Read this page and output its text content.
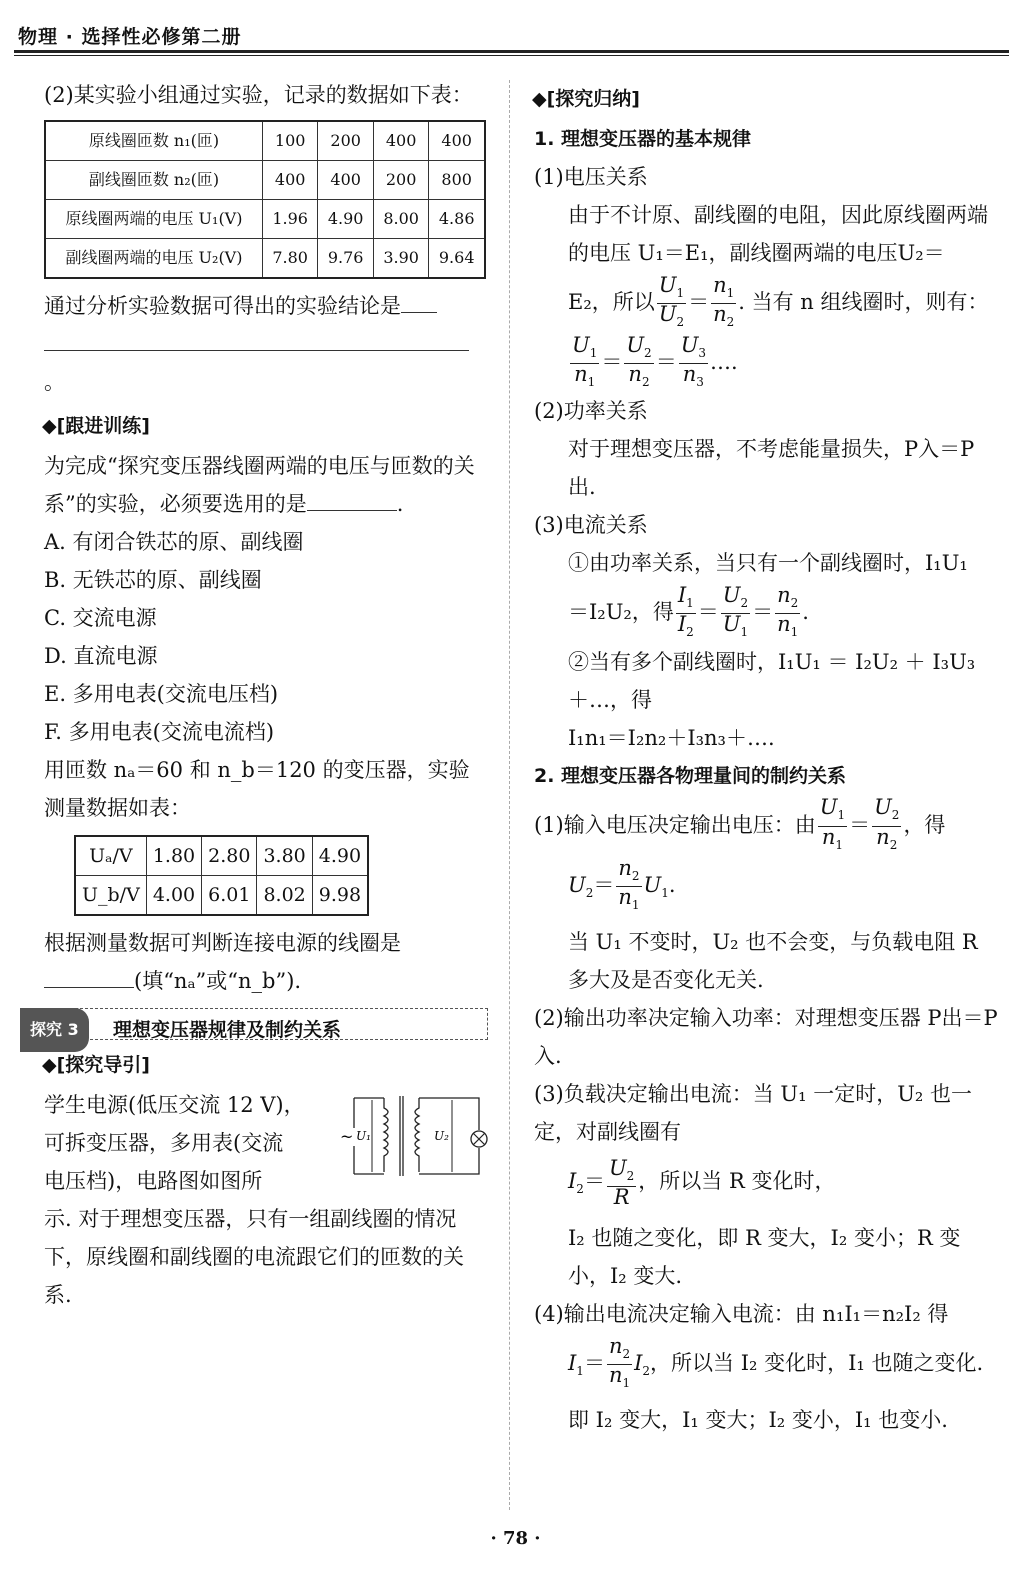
物理 · 选择性必修第二册

(2)某实验小组通过实验，记录的数据如下表：

原线圈匝数 n₁(匝)	100	200	400	400
副线圈匝数 n₂(匝)	400	400	200	800
原线圈两端的电压 U₁(V)	1.96	4.90	8.00	4.86
副线圈两端的电压 U₂(V)	7.80	9.76	3.90	9.64

通过分析实验数据可得出的实验结论是

。

◆[跟进训练]

为完成“探究变压器线圈两端的电压与匝数的关系”的实验，必须要选用的是	.

A. 有闭合铁芯的原、副线圈

B. 无铁芯的原、副线圈

C. 交流电源

D. 直流电源

E. 多用电表(交流电压档)

F. 多用电表(交流电流档)

用匝数 nₐ＝60 和 n_b＝120 的变压器，实验测量数据如表：

Uₐ/V	1.80	2.80	3.80	4.90
U_b/V	4.00	6.01	8.02	9.98

根据测量数据可判断连接电源的线圈是

(填“nₐ”或“n_b”).

探究 3	理想变压器规律及制约关系

◆[探究导引]

学生电源(低压交流 12 V)，

可拆变压器，多用表(交流

电压档)，电路图如图所

~ U₁	U₂

示. 对于理想变压器，只有一组副线圈的情况下，原线圈和副线圈的电流跟它们的匝数的关系.

◆[探究归纳]

1. 理想变压器的基本规律

(1)电压关系

由于不计原、副线圈的电阻，因此原线圈两端的电压 U₁＝E₁，副线圈两端的电压U₂＝

E₂，所以 $\frac{U_1}{U_2} = \frac{n_1}{n_2}$ . 当有 n 组线圈时，则有：

$\frac{U_1}{n_1} = \frac{U_2}{n_2} = \frac{U_3}{n_3}$ ….

(2)功率关系

对于理想变压器，不考虑能量损失，P入＝P出.

(3)电流关系

①由功率关系，当只有一个副线圈时，I₁U₁

＝I₂U₂，得 $\frac{I_1}{I_2} = \frac{U_2}{U_1} = \frac{n_2}{n_1}$ .

②当有多个副线圈时，I₁U₁ ＝ I₂U₂ ＋ I₃U₃＋…，得

I₁n₁＝I₂n₂＋I₃n₃＋….

2. 理想变压器各物理量间的制约关系

(1)输入电压决定输出电压：由 $\frac{U_1}{n_1} = \frac{U_2}{n_2}$ ，得

$U_2= \frac{n_2}{n_1} U_1$.

当 U₁ 不变时，U₂ 也不会变，与负载电阻 R 多大及是否变化无关.

(2)输出功率决定输入功率：对理想变压器 P出＝P入.

(3)负载决定输出电流：当 U₁ 一定时，U₂ 也一定，对副线圈有

$I_2= \frac{U_2}{R}$ ，所以当 R 变化时，

I₂ 也随之变化，即 R 变大，I₂ 变小；R 变小，I₂ 变大.

(4)输出电流决定输入电流：由 n₁I₁＝n₂I₂ 得

$I_1= \frac{n_2}{n_1} I_2$，所以当 I₂ 变化时，I₁ 也随之变化.

即 I₂ 变大，I₁ 变大；I₂ 变小，I₁ 也变小.

· 78 ·
